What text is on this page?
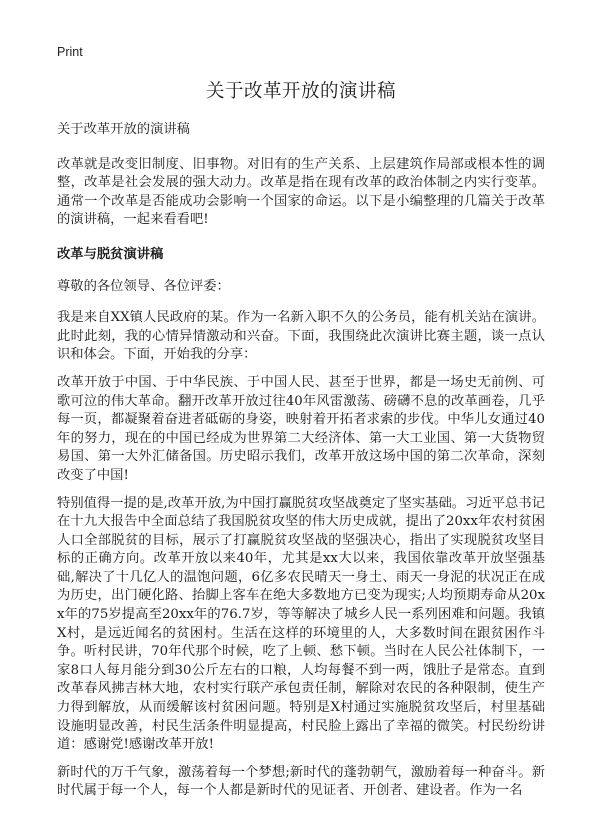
Print
关于改革开放的演讲稿

关于改革开放的演讲稿

改革就是改变旧制度、旧事物。对旧有的生产关系、上层建筑作局部或根本性的调整，改革是社会发展的强大动力。改革是指在现有改革的政治体制之内实行变革。通常一个改革是否能成功会影响一个国家的命运。以下是小编整理的几篇关于改革的演讲稿，一起来看看吧!

改革与脱贫演讲稿

尊敬的各位领导、各位评委：

我是来自XX镇人民政府的某。作为一名新入职不久的公务员，能有机关站在演讲。此时此刻，我的心情异情激动和兴奋。下面，我围绕此次演讲比赛主题，谈一点认识和体会。下面，开始我的分享：

改革开放于中国、于中华民族、于中国人民、甚至于世界，都是一场史无前例、可歌可泣的伟大革命。翻开改革开放过往40年风雷激荡、磅礴不息的改革画卷，几乎每一页，都凝聚着奋进者砥砺的身姿，映射着开拓者求索的步伐。中华儿女通过40年的努力，现在的中国已经成为世界第二大经济体、第一大工业国、第一大货物贸易国、第一大外汇储备国。历史昭示我们，改革开放这场中国的第二次革命，深刻改变了中国!

特别值得一提的是,改革开放,为中国打赢脱贫攻坚战奠定了坚实基础。习近平总书记在十九大报告中全面总结了我国脱贫攻坚的伟大历史成就，提出了20xx年农村贫困人口全部脱贫的目标，展示了打赢脱贫攻坚战的坚强决心，指出了实现脱贫攻坚目标的正确方向。改革开放以来40年，尤其是xx大以来，我国依靠改革开放坚强基础,解决了十几亿人的温饱问题，6亿多农民晴天一身土、雨天一身泥的状况正在成为历史，出门硬化路、抬脚上客车在绝大多数地方已变为现实;人均预期寿命从20xx年的75岁提高至20xx年的76.7岁，等等解决了城乡人民一系列困难和问题。我镇X村，是远近闻名的贫困村。生活在这样的环境里的人，大多数时间在跟贫困作斗争。听村民讲，70年代那个时候，吃了上顿、愁下顿。当时在人民公社体制下，一家8口人每月能分到30公斤左右的口粮，人均每餐不到一两，饿肚子是常态。直到改革春风拂吉林大地，农村实行联产承包责任制，解除对农民的各种限制，使生产力得到解放，从而缓解该村贫困问题。特别是X村通过实施脱贫攻坚后，村里基础设施明显改善，村民生活条件明显提高，村民脸上露出了幸福的微笑。村民纷纷讲道：感谢党!感谢改革开放!

新时代的万千气象，激荡着每一个梦想;新时代的蓬勃朝气，激励着每一种奋斗。新时代属于每一个人，每一个人都是新时代的见证者、开创者、建设者。作为一名
